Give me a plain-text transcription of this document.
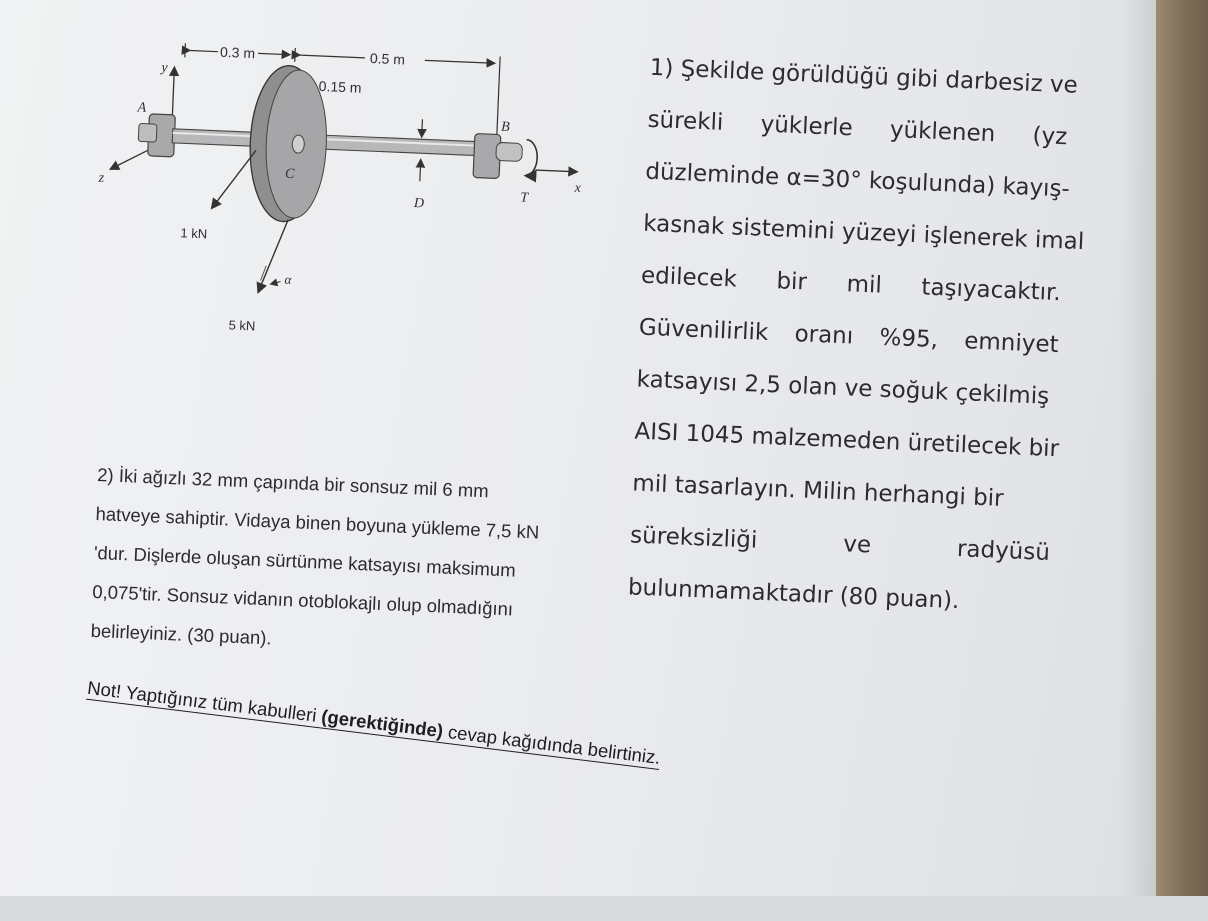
0.3 m	0.5 m
y
z
x
A
C
0.15 m
B
T
D
1 kN
α
5 kN
1) Şekilde görüldüğü gibi darbesiz ve
sürekli yüklerle yüklenen (yz
düzleminde α=30° koşulunda) kayış-
kasnak sistemini yüzeyi işlenerek imal
edilecek bir mil taşıyacaktır.
Güvenilirlik oranı %95, emniyet
katsayısı 2,5 olan ve soğuk çekilmiş
AISI 1045 malzemeden üretilecek bir
mil tasarlayın. Milin herhangi bir
süreksizliği	ve	radyüsü
bulunmamaktadır (80 puan).
2) İki ağızlı 32 mm çapında bir sonsuz mil 6 mm
hatveye sahiptir. Vidaya binen boyuna yükleme 7,5 kN
'dur. Dişlerde oluşan sürtünme katsayısı maksimum
0,075'tir. Sonsuz vidanın otoblokajlı olup olmadığını
belirleyiniz. (30 puan).
Not! Yaptığınız tüm kabulleri (gerektiğinde) cevap kağıdında belirtiniz.
